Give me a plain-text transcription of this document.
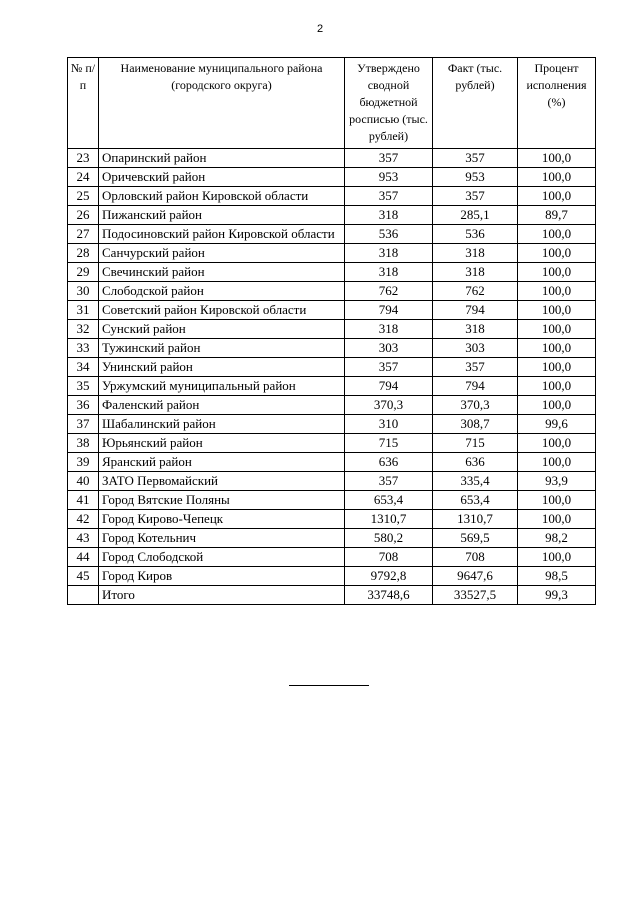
2
№ п/п	Наименование муниципального района (городского округа)	Утверждено сводной бюджетной росписью (тыс. рублей)	Факт (тыс. рублей)	Процент исполнения (%)
23	Опаринский район	357	357	100,0
24	Оричевский район	953	953	100,0
25	Орловский район Кировской области	357	357	100,0
26	Пижанский район	318	285,1	89,7
27	Подосиновский район Кировской области	536	536	100,0
28	Санчурский район	318	318	100,0
29	Свечинский район	318	318	100,0
30	Слободской район	762	762	100,0
31	Советский район Кировской области	794	794	100,0
32	Сунский район	318	318	100,0
33	Тужинский район	303	303	100,0
34	Унинский район	357	357	100,0
35	Уржумский муниципальный район	794	794	100,0
36	Фаленский район	370,3	370,3	100,0
37	Шабалинский район	310	308,7	99,6
38	Юрьянский район	715	715	100,0
39	Яранский район	636	636	100,0
40	ЗАТО Первомайский	357	335,4	93,9
41	Город Вятские Поляны	653,4	653,4	100,0
42	Город Кирово-Чепецк	1310,7	1310,7	100,0
43	Город Котельнич	580,2	569,5	98,2
44	Город Слободской	708	708	100,0
45	Город Киров	9792,8	9647,6	98,5
	Итого	33748,6	33527,5	99,3
